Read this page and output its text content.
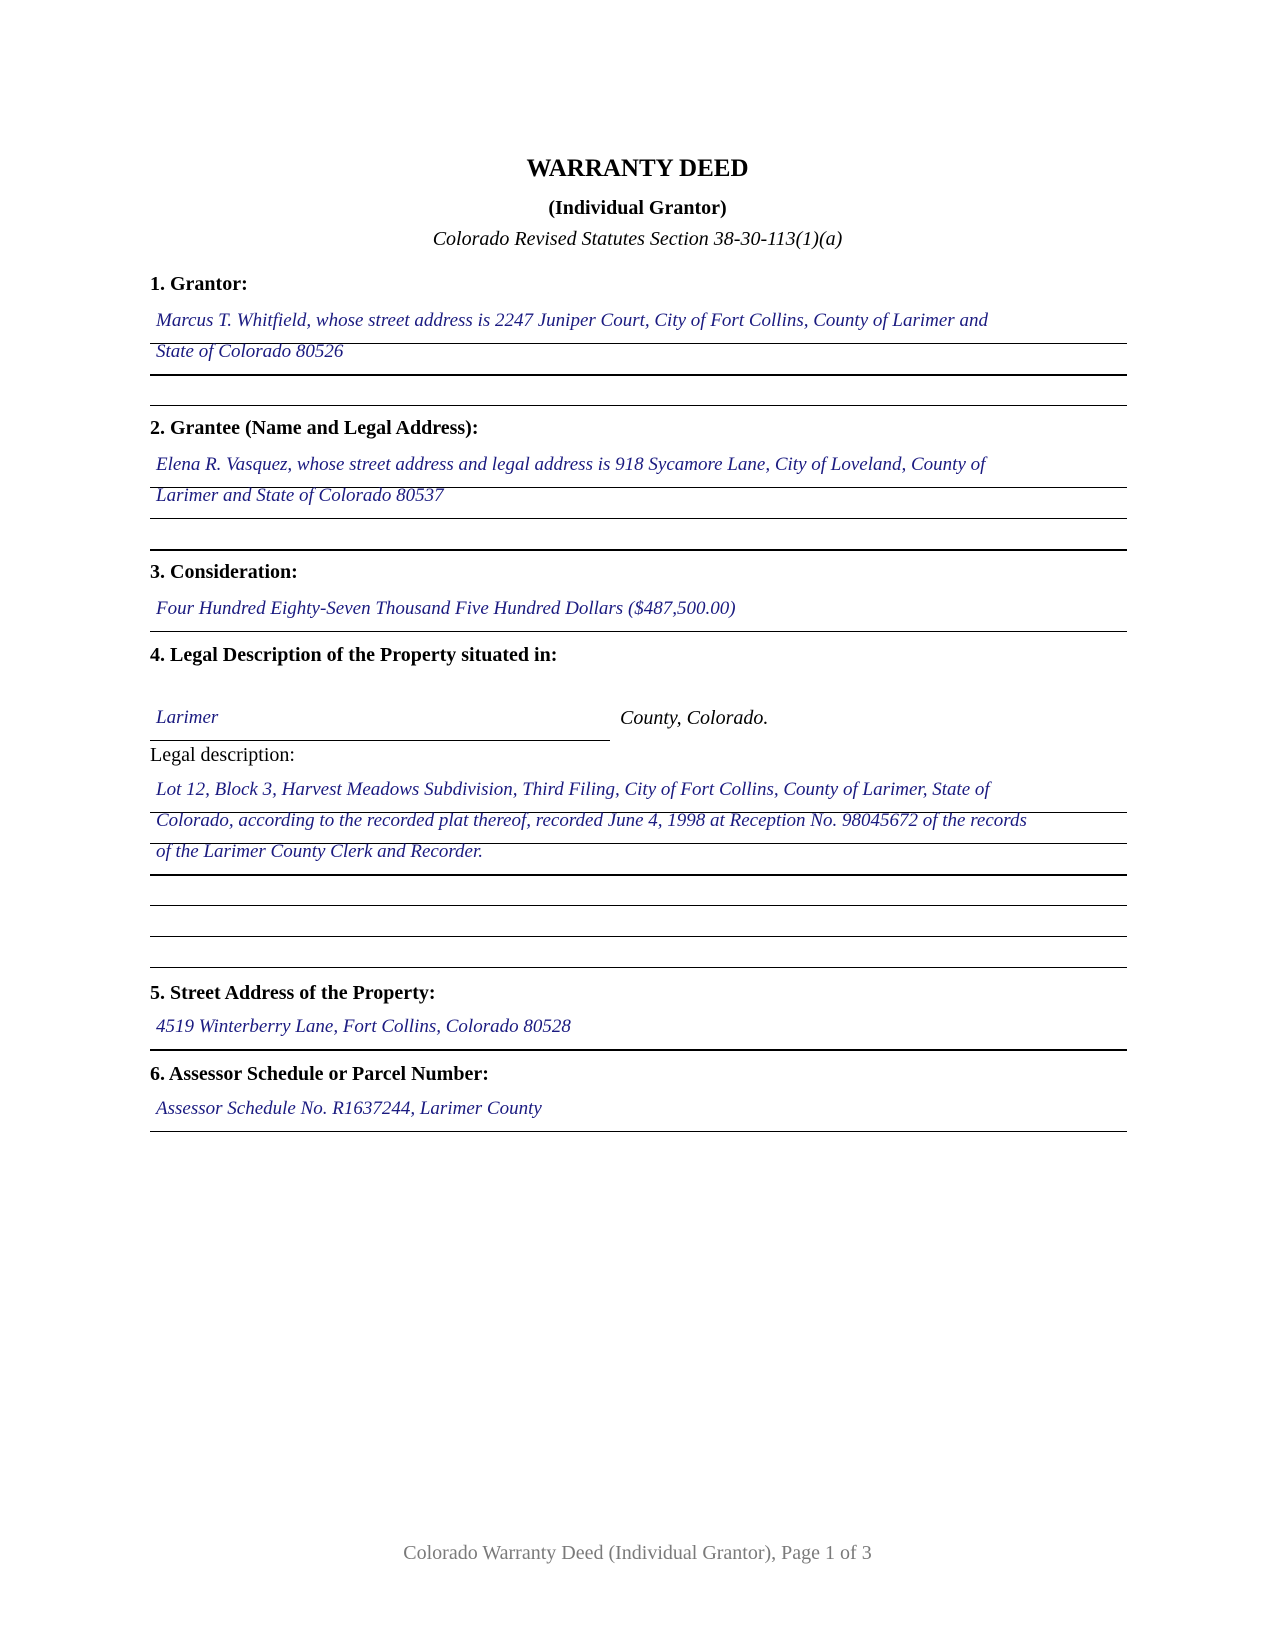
WARRANTY DEED
(Individual Grantor)
Colorado Revised Statutes Section 38-30-113(1)(a)
1. Grantor:
Marcus T. Whitfield, whose street address is 2247 Juniper Court, City of Fort Collins, County of Larimer and
State of Colorado 80526
2. Grantee (Name and Legal Address):
Elena R. Vasquez, whose street address and legal address is 918 Sycamore Lane, City of Loveland, County of
Larimer and State of Colorado 80537
3. Consideration:
Four Hundred Eighty-Seven Thousand Five Hundred Dollars ($487,500.00)
4. Legal Description of the Property situated in:
Larimer	County, Colorado.
Legal description:
Lot 12, Block 3, Harvest Meadows Subdivision, Third Filing, City of Fort Collins, County of Larimer, State of
Colorado, according to the recorded plat thereof, recorded June 4, 1998 at Reception No. 98045672 of the records
of the Larimer County Clerk and Recorder.
5. Street Address of the Property:
4519 Winterberry Lane, Fort Collins, Colorado 80528
6. Assessor Schedule or Parcel Number:
Assessor Schedule No. R1637244, Larimer County
Colorado Warranty Deed (Individual Grantor), Page 1 of 3
